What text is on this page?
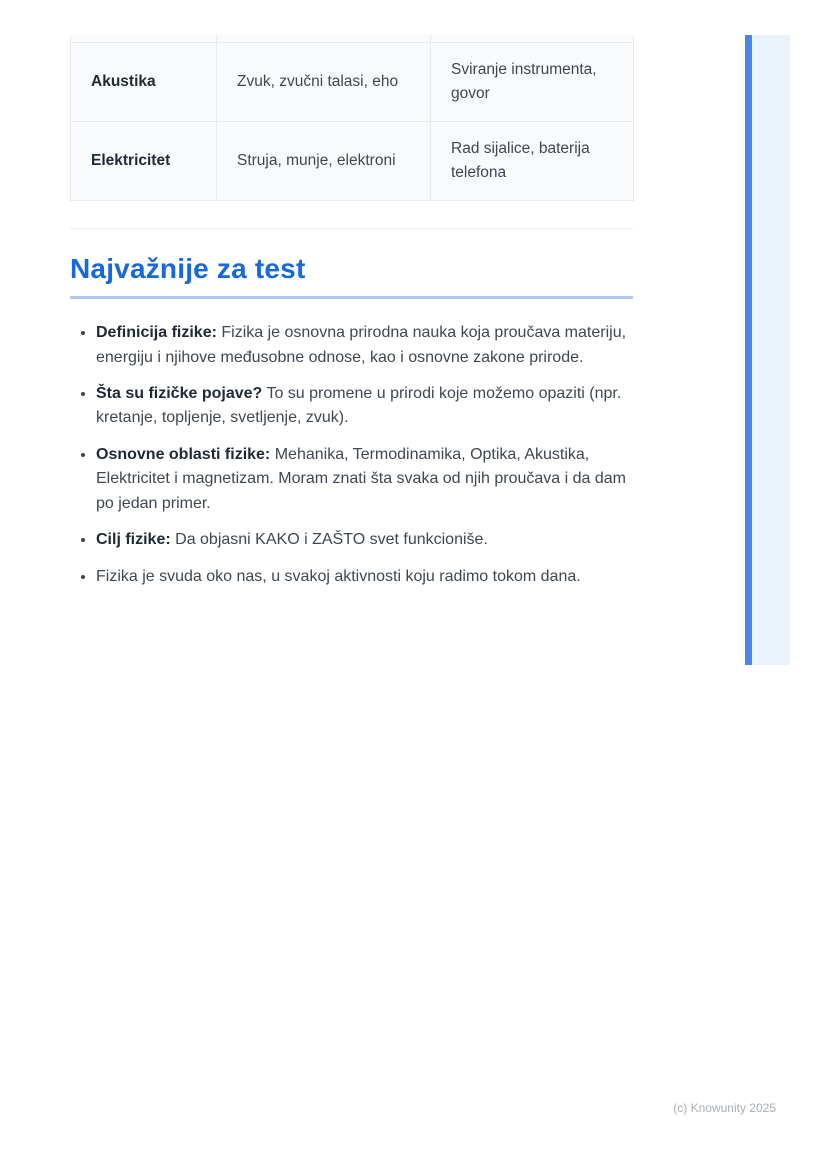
Akustika	Zvuk, zvučni talasi, eho	Sviranje instrumenta, govor
Elektricitet	Struja, munje, elektroni	Rad sijalice, baterija telefona
Najvažnije za test
• Definicija fizike: Fizika je osnovna prirodna nauka koja proučava materiju, energiju i njihove međusobne odnose, kao i osnovne zakone prirode.
• Šta su fizičke pojave? To su promene u prirodi koje možemo opaziti (npr. kretanje, topljenje, svetljenje, zvuk).
• Osnovne oblasti fizike: Mehanika, Termodinamika, Optika, Akustika, Elektricitet i magnetizam. Moram znati šta svaka od njih proučava i da dam po jedan primer.
• Cilj fizike: Da objasni KAKO i ZAŠTO svet funkcioniše.
• Fizika je svuda oko nas, u svakoj aktivnosti koju radimo tokom dana.
(c) Knowunity 2025
